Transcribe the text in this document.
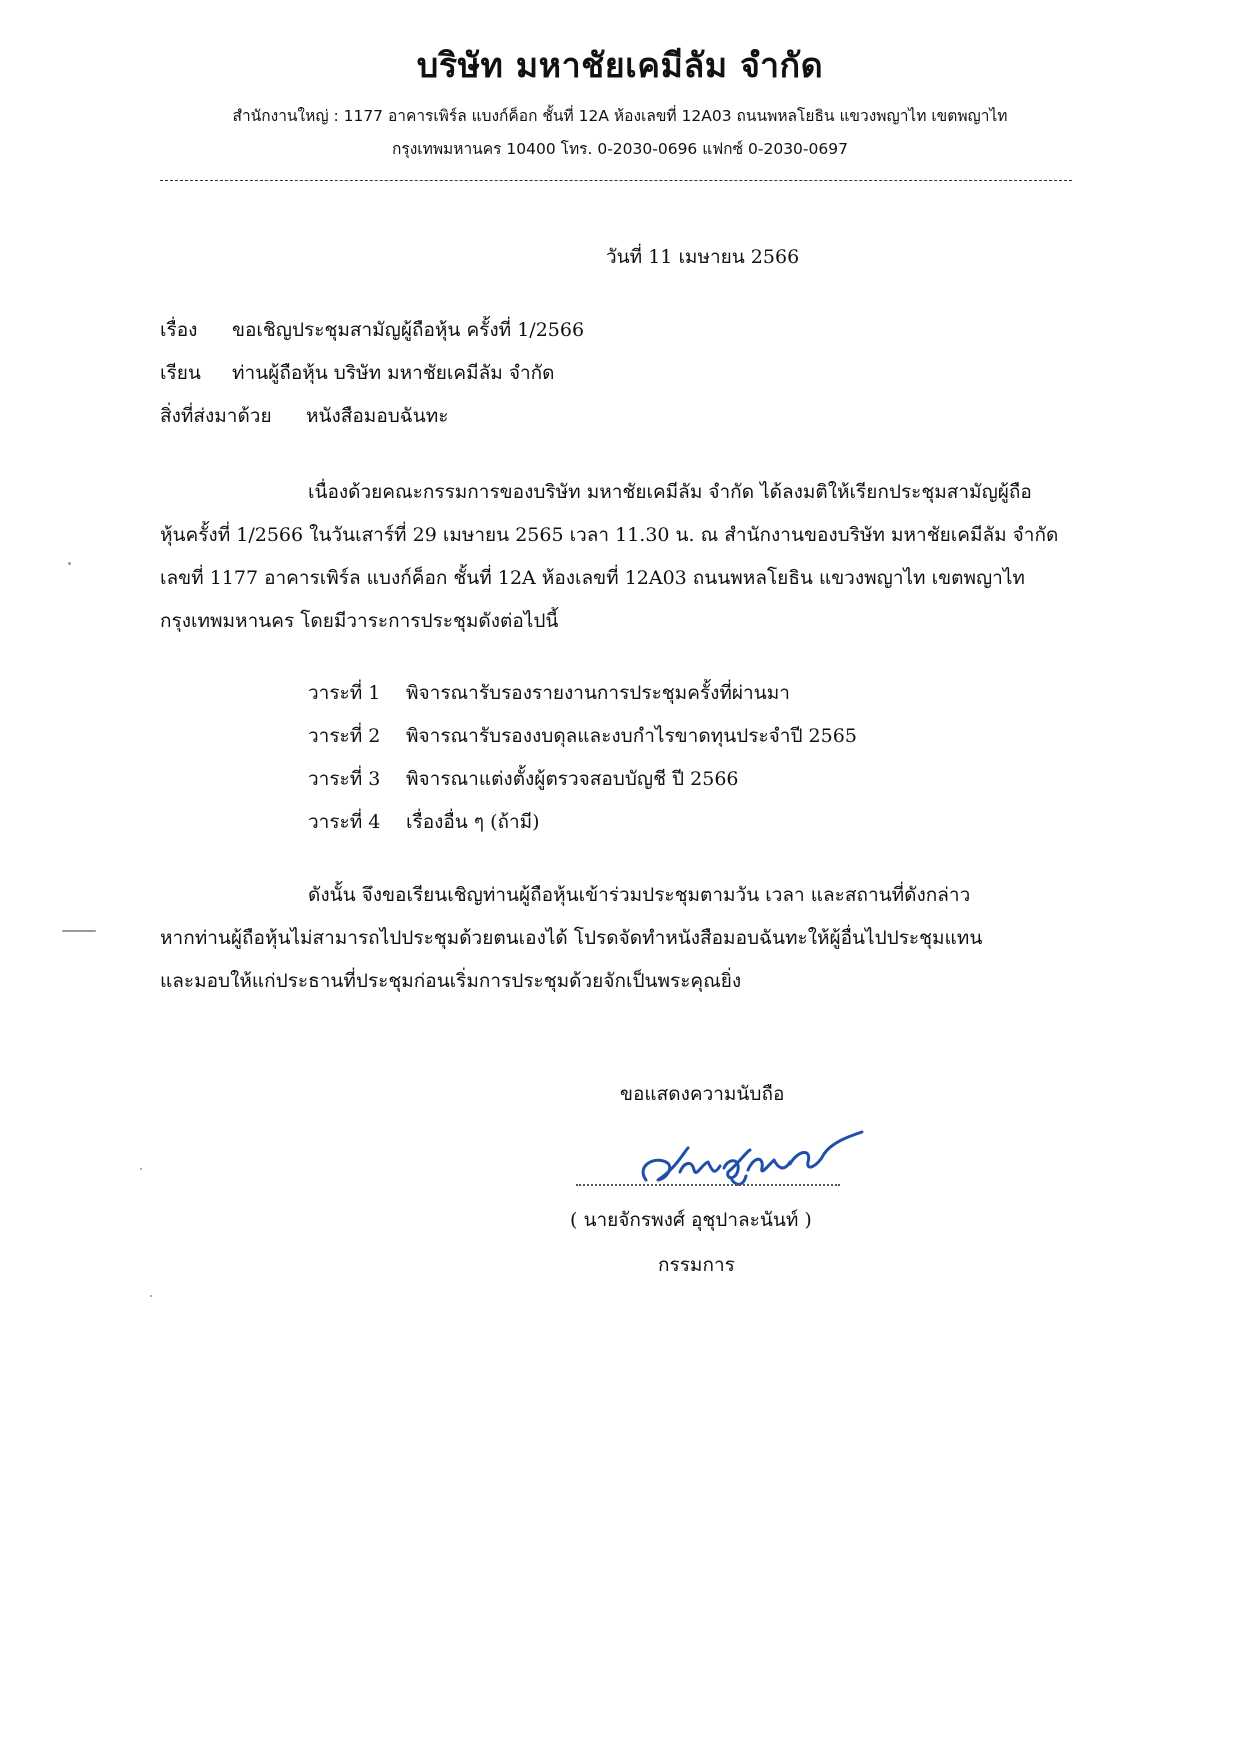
บริษัท มหาชัยเคมีลัม จำกัด
สำนักงานใหญ่ : 1177 อาคารเพิร์ล แบงก์ค็อก ชั้นที่ 12A ห้องเลขที่ 12A03 ถนนพหลโยธิน แขวงพญาไท เขตพญาไท
กรุงเทพมหานคร 10400 โทร. 0-2030-0696 แฟกซ์ 0-2030-0697
วันที่ 11 เมษายน 2566
เรื่อง ขอเชิญประชุมสามัญผู้ถือหุ้น ครั้งที่ 1/2566
เรียน ท่านผู้ถือหุ้น บริษัท มหาชัยเคมีลัม จำกัด
สิ่งที่ส่งมาด้วย หนังสือมอบฉันทะ
เนื่องด้วยคณะกรรมการของบริษัท มหาชัยเคมีลัม จำกัด ได้ลงมติให้เรียกประชุมสามัญผู้ถือ
หุ้นครั้งที่ 1/2566 ในวันเสาร์ที่ 29 เมษายน 2565 เวลา 11.30 น. ณ สำนักงานของบริษัท มหาชัยเคมีลัม จำกัด
เลขที่ 1177 อาคารเพิร์ล แบงก์ค็อก ชั้นที่ 12A ห้องเลขที่ 12A03 ถนนพหลโยธิน แขวงพญาไท เขตพญาไท
กรุงเทพมหานคร โดยมีวาระการประชุมดังต่อไปนี้
วาระที่ 1 พิจารณารับรองรายงานการประชุมครั้งที่ผ่านมา
วาระที่ 2 พิจารณารับรองงบดุลและงบกำไรขาดทุนประจำปี 2565
วาระที่ 3 พิจารณาแต่งตั้งผู้ตรวจสอบบัญชี ปี 2566
วาระที่ 4 เรื่องอื่น ๆ (ถ้ามี)
ดังนั้น จึงขอเรียนเชิญท่านผู้ถือหุ้นเข้าร่วมประชุมตามวัน เวลา และสถานที่ดังกล่าว
หากท่านผู้ถือหุ้นไม่สามารถไปประชุมด้วยตนเองได้ โปรดจัดทำหนังสือมอบฉันทะให้ผู้อื่นไปประชุมแทน
และมอบให้แก่ประธานที่ประชุมก่อนเริ่มการประชุมด้วยจักเป็นพระคุณยิ่ง
ขอแสดงความนับถือ
( นายจักรพงศ์ อุชุปาละนันท์ )
กรรมการ
